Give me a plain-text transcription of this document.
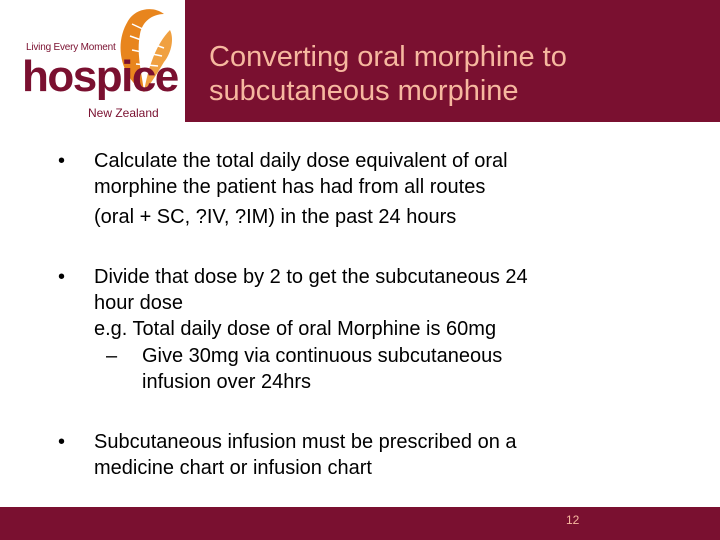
Living Every Moment
hospice
New Zealand
Converting oral morphine to
subcutaneous morphine
• Calculate the total daily dose equivalent of oral
morphine the patient has had from all routes
(oral + SC, ?IV, ?IM) in the past 24 hours
• Divide that dose by 2 to get the subcutaneous 24
hour dose
e.g. Total daily dose of oral Morphine is 60mg
–	Give 30mg via continuous subcutaneous
infusion over 24hrs
• Subcutaneous infusion must be prescribed on a
medicine chart or infusion chart
12
